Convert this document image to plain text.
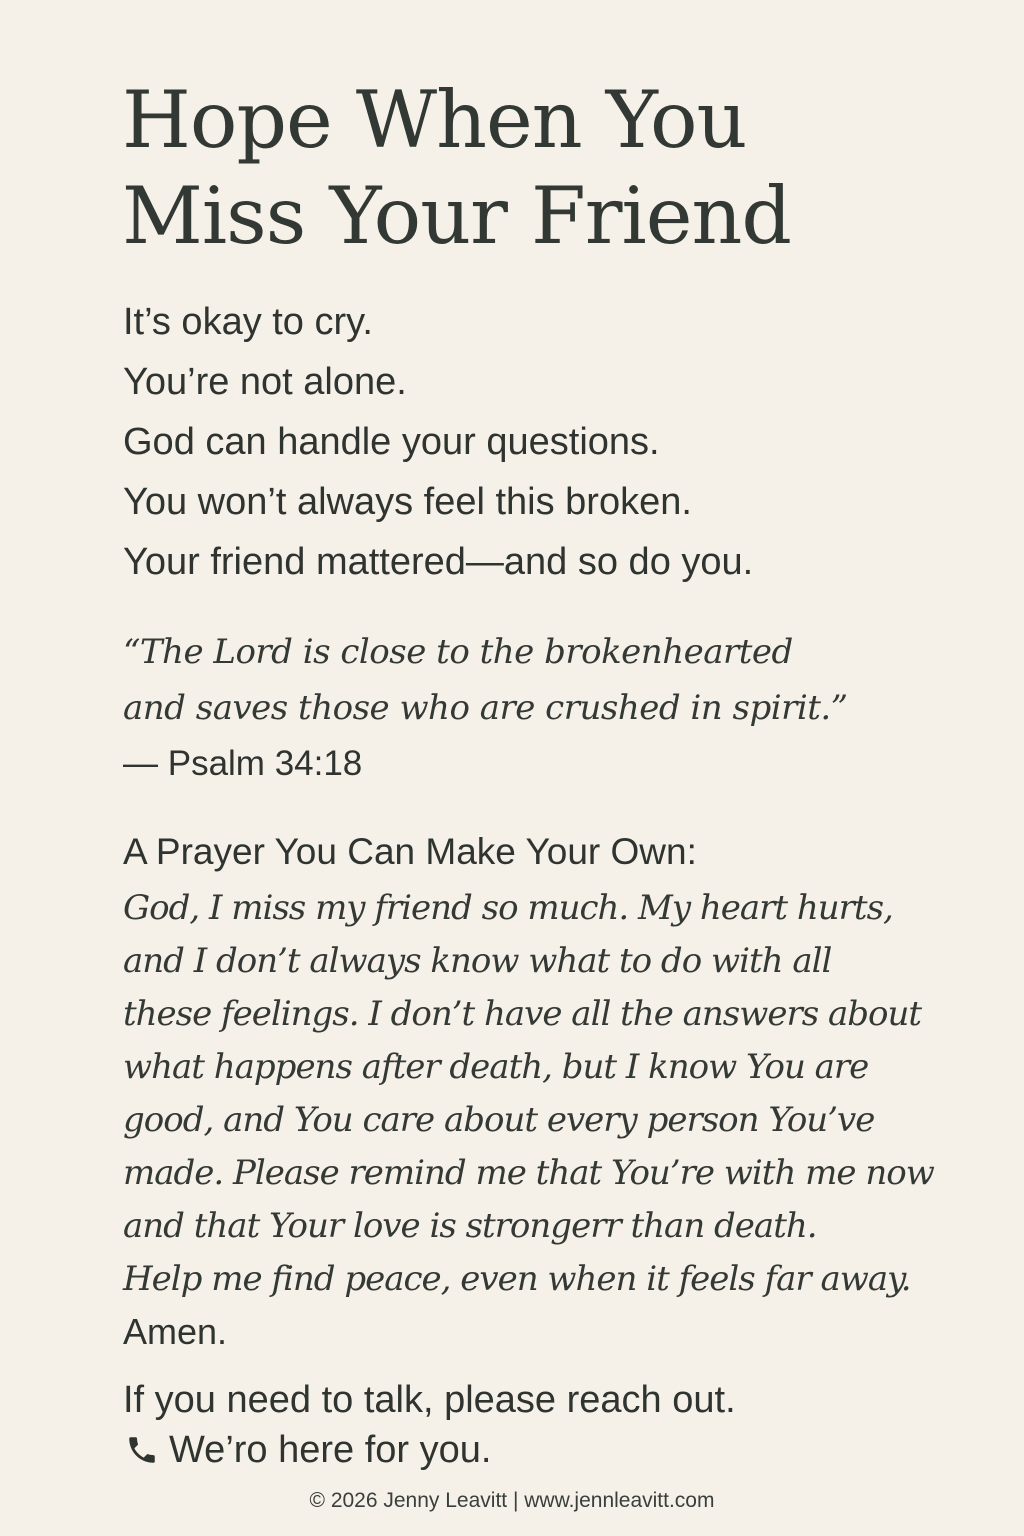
Hope When You
Miss Your Friend
It’s okay to cry.
You’re not alone.
God can handle your questions.
You won’t always feel this broken.
Your friend mattered—and so do you.
“The Lord is close to the brokenhearted
and saves those who are crushed in spirit.”
— Psalm 34:18
A Prayer You Can Make Your Own:
God, I miss my friend so much. My heart hurts,
and I don’t always know what to do with all
these feelings. I don’t have all the answers about
what happens after death, but I know You are
good, and You care about every person You’ve
made. Please remind me that You’re with me now
and that Your love is strongerr than death.
Help me find peace, even when it feels far away.
Amen.
If you need to talk, please reach out.
We’ro here for you.
© 2026 Jenny Leavitt | www.jennleavitt.com
